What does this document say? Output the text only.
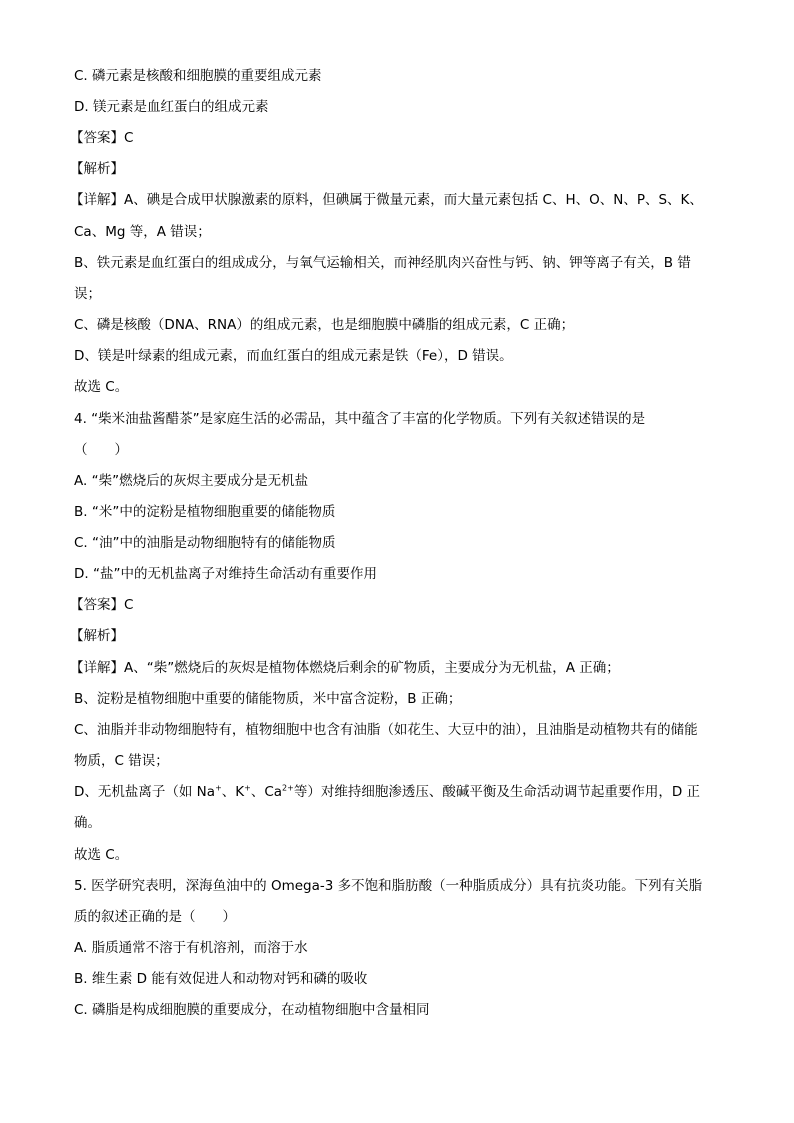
C. 磷元素是核酸和细胞膜的重要组成元素
D. 镁元素是血红蛋白的组成元素
【答案】C
【解析】
【详解】A、碘是合成甲状腺激素的原料，但碘属于微量元素，而大量元素包括 C、H、O、N、P、S、K、
Ca、Mg 等，A 错误；
B、铁元素是血红蛋白的组成成分，与氧气运输相关，而神经肌肉兴奋性与钙、钠、钾等离子有关，B 错
误；
C、磷是核酸（DNA、RNA）的组成元素，也是细胞膜中磷脂的组成元素，C 正确；
D、镁是叶绿素的组成元素，而血红蛋白的组成元素是铁（Fe），D 错误。
故选 C。
4. “柴米油盐酱醋茶”是家庭生活的必需品，其中蕴含了丰富的化学物质。下列有关叙述错误的是
（　　）
A. “柴”燃烧后的灰烬主要成分是无机盐
B. “米”中的淀粉是植物细胞重要的储能物质
C. “油”中的油脂是动物细胞特有的储能物质
D. “盐”中的无机盐离子对维持生命活动有重要作用
【答案】C
【解析】
【详解】A、“柴”燃烧后的灰烬是植物体燃烧后剩余的矿物质，主要成分为无机盐，A 正确；
B、淀粉是植物细胞中重要的储能物质，米中富含淀粉，B 正确；
C、油脂并非动物细胞特有，植物细胞中也含有油脂（如花生、大豆中的油），且油脂是动植物共有的储能
物质，C 错误；
D、无机盐离子（如 Na+、K+、$Ca^{2+}$等）对维持细胞渗透压、酸碱平衡及生命活动调节起重要作用，D 正
确。
故选 C。
5. 医学研究表明，深海鱼油中的 Omega-3 多不饱和脂肪酸（一种脂质成分）具有抗炎功能。下列有关脂
质的叙述正确的是（　　）
A. 脂质通常不溶于有机溶剂，而溶于水
B. 维生素 D 能有效促进人和动物对钙和磷的吸收
C. 磷脂是构成细胞膜的重要成分，在动植物细胞中含量相同
